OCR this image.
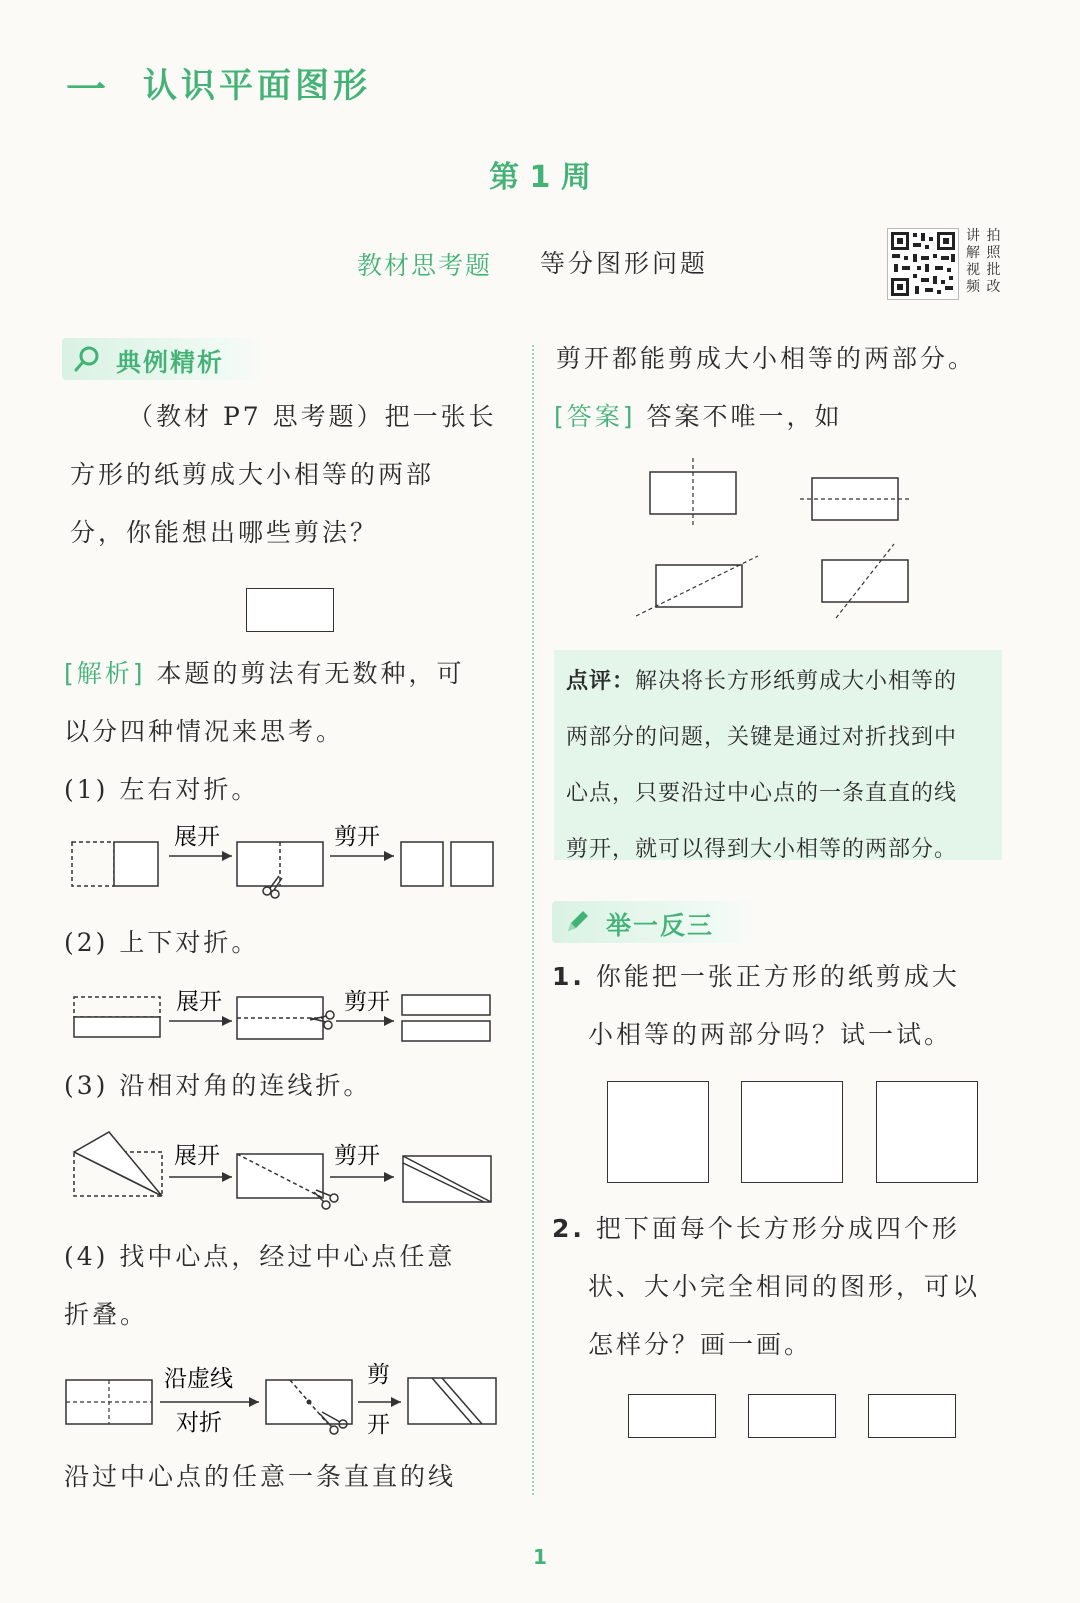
一 认识平面图形
第 1 周
教材思考题 等分图形问题
讲 拍
解 照
视 批
频 改
典例精析
（教材 P7 思考题）把一张长
方形的纸剪成大小相等的两部
分，你能想出哪些剪法？
[解析] 本题的剪法有无数种，可
以分四种情况来思考。
(1) 左右对折。
展开	剪开
(2) 上下对折。
展开	剪开
(3) 沿相对角的连线折。
展开	剪开
(4) 找中心点，经过中心点任意
折叠。
沿虚线
对折
剪
开
沿过中心点的任意一条直直的线
剪开都能剪成大小相等的两部分。
[答案] 答案不唯一，如
点评：解决将长方形纸剪成大小相等的
两部分的问题，关键是通过对折找到中
心点，只要沿过中心点的一条直直的线
剪开，就可以得到大小相等的两部分。
举一反三
1. 你能把一张正方形的纸剪成大
小相等的两部分吗？试一试。
2. 把下面每个长方形分成四个形
状、大小完全相同的图形，可以
怎样分？画一画。
1
